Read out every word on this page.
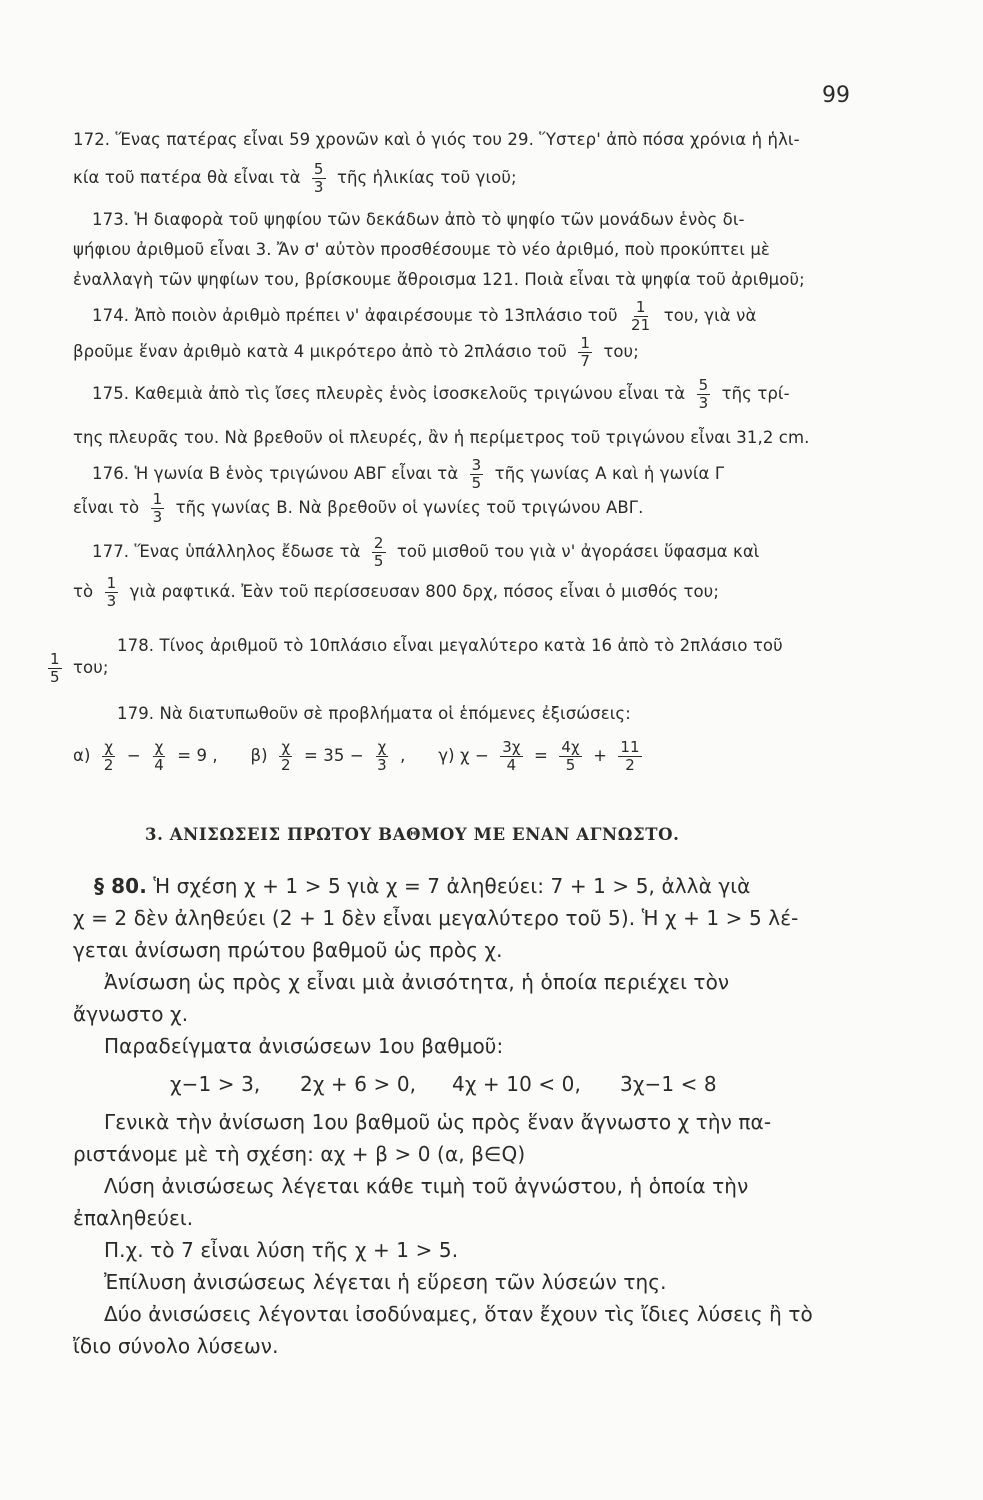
99
172. Ἕνας πατέρας εἶναι 59 χρονῶν καὶ ὁ γιός του 29. Ὕστερ' ἀπὸ πόσα χρόνια ἡ ἡλι-
κία τοῦ πατέρα θὰ εἶναι τὰ $\frac{5}{3}$ τῆς ἡλικίας τοῦ γιοῦ;
173. Ἡ διαφορὰ τοῦ ψηφίου τῶν δεκάδων ἀπὸ τὸ ψηφίο τῶν μονάδων ἑνὸς δι-
ψήφιου ἀριθμοῦ εἶναι 3. Ἄν σ' αὐτὸν προσθέσουμε τὸ νέο ἀριθμό, ποὺ προκύπτει μὲ
ἐναλλαγὴ τῶν ψηφίων του, βρίσκουμε ἄθροισμα 121. Ποιὰ εἶναι τὰ ψηφία τοῦ ἀριθμοῦ;
174. Ἀπὸ ποιὸν ἀριθμὸ πρέπει ν' ἀφαιρέσουμε τὸ 13πλάσιο τοῦ $\frac{1}{21} \tau o\upsilon$, γιὰ νὰ
βροῦμε ἕναν ἀριθμὸ κατὰ 4 μικρότερο ἀπὸ τὸ 2πλάσιο τοῦ $\frac{1}{7} \tau o\upsilon$;
175. Καθεμιὰ ἀπὸ τὶς ἴσες πλευρὲς ἑνὸς ἰσοσκελοῦς τριγώνου εἶναι τὰ $\frac{5}{3}$ τῆς τρί-
της πλευρᾶς του. Νὰ βρεθοῦν οἱ πλευρές, ἂν ἡ περίμετρος τοῦ τριγώνου εἶναι 31,2 cm.
176. Ἡ γωνία Β ἑνὸς τριγώνου ΑΒΓ εἶναι τὰ $\frac{3}{5}$ τῆς γωνίας Α καὶ ἡ γωνία Γ
εἶναι τὸ $\frac{1}{3}$ τῆς γωνίας Β. Νὰ βρεθοῦν οἱ γωνίες τοῦ τριγώνου ΑΒΓ.
177. Ἕνας ὑπάλληλος ἔδωσε τὰ $\frac{2}{5}$ τοῦ μισθοῦ του γιὰ ν' ἀγοράσει ὕφασμα καὶ
τὸ $\frac{1}{3}$ γιὰ ραφτικά. Ἐὰν τοῦ περίσσευσαν 800 δρχ, πόσος εἶναι ὁ μισθός του;
178. Τίνος ἀριθμοῦ τὸ 10πλάσιο εἶναι μεγαλύτερο κατὰ 16 ἀπὸ τὸ 2πλάσιο τοῦ
$\frac{1}{5} \tau o\upsilon$;
179. Νὰ διατυπωθοῦν σὲ προβλήματα οἱ ἑπόμενες ἐξισώσεις:
$\alpha) \frac{\chi}{2} - \frac{\chi}{4} = 9$ , $\beta) \frac{\chi}{2} = 35 - \frac{\chi}{3}$ , γ) $\chi - \frac{3\chi}{4} = \frac{4\chi}{5} + \frac{11}{2}$
3. ΑΝΙΣΩΣΕΙΣ ΠΡΩΤΟΥ ΒΑΘΜΟΥ ΜΕ ΕΝΑΝ ΑΓΝΩΣΤΟ.
§ 80. Ἡ σχέση χ + 1 > 5 γιὰ χ = 7 ἀληθεύει: 7 + 1 > 5, ἀλλὰ γιὰ
χ = 2 δὲν ἀληθεύει (2 + 1 δὲν εἶναι μεγαλύτερο τοῦ 5). Ἡ χ + 1 > 5 λέ-
γεται ἀνίσωση πρώτου βαθμοῦ ὡς πρὸς χ.
Ἀνίσωση ὡς πρὸς χ εἶναι μιὰ ἀνισότητα, ἡ ὁποία περιέχει τὸν
ἄγνωστο χ.
Παραδείγματα ἀνισώσεων 1ου βαθμοῦ:
χ−1 > 3, 2χ + 6 > 0, 4χ + 10 < 0, 3χ−1 < 8
Γενικὰ τὴν ἀνίσωση 1ου βαθμοῦ ὡς πρὸς ἕναν ἄγνωστο χ τὴν πα-
ριστάνομε μὲ τὴ σχέση: αχ + β > 0 (α, β∈Q)
Λύση ἀνισώσεως λέγεται κάθε τιμὴ τοῦ ἀγνώστου, ἡ ὁποία τὴν
ἐπαληθεύει.
Π.χ. τὸ 7 εἶναι λύση τῆς χ + 1 > 5.
Ἐπίλυση ἀνισώσεως λέγεται ἡ εὕρεση τῶν λύσεών της.
Δύο ἀνισώσεις λέγονται ἰσοδύναμες, ὅταν ἔχουν τὶς ἴδιες λύσεις ἢ τὸ
ἴδιο σύνολο λύσεων.
